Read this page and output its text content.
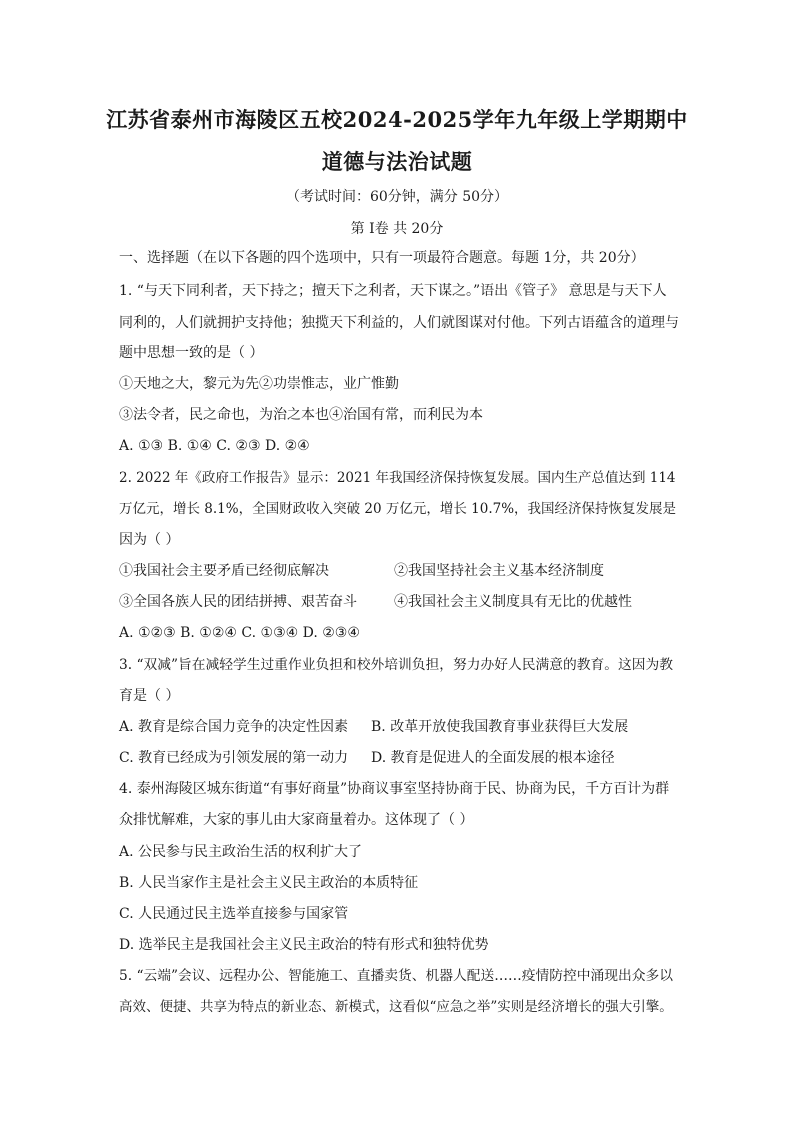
江苏省泰州市海陵区五校2024-2025学年九年级上学期期中
道德与法治试题
（考试时间：60分钟，满分 50分）
第 I卷 共 20分
一、选择题（在以下各题的四个选项中，只有一项最符合题意。每题 1分，共 20分）
1. “与天下同利者，天下持之；擅天下之利者，天下谋之。”语出《管子》 意思是与天下人
同利的，人们就拥护支持他；独揽天下利益的，人们就图谋对付他。下列古语蕴含的道理与
题中思想一致的是（ ）
①天地之大，黎元为先②功崇惟志，业广惟勤
③法令者，民之命也，为治之本也④治国有常，而利民为本
A. ①③ B. ①④ C. ②③ D. ②④
2. 2022 年《政府工作报告》显示：2021 年我国经济保持恢复发展。国内生产总值达到 114
万亿元，增长 8.1%，全国财政收入突破 20 万亿元，增长 10.7%，我国经济保持恢复发展是
因为（ ）
①我国社会主要矛盾已经彻底解决	②我国坚持社会主义基本经济制度
③全国各族人民的团结拼搏、艰苦奋斗	④我国社会主义制度具有无比的优越性
A. ①②③ B. ①②④ C. ①③④ D. ②③④
3. “双减”旨在减轻学生过重作业负担和校外培训负担，努力办好人民满意的教育。这因为教
育是（ ）
A. 教育是综合国力竞争的决定性因素 B. 改革开放使我国教育事业获得巨大发展
C. 教育已经成为引领发展的第一动力 D. 教育是促进人的全面发展的根本途径
4. 泰州海陵区城东街道“有事好商量”协商议事室坚持协商于民、协商为民，千方百计为群
众排忧解难，大家的事儿由大家商量着办。这体现了（ ）
A. 公民参与民主政治生活的权利扩大了
B. 人民当家作主是社会主义民主政治的本质特征
C. 人民通过民主选举直接参与国家管
D. 选举民主是我国社会主义民主政治的特有形式和独特优势
5. “云端”会议、远程办公、智能施工、直播卖货、机器人配送……疫情防控中涌现出众多以
高效、便捷、共享为特点的新业态、新模式，这看似“应急之举”实则是经济增长的强大引擎。
